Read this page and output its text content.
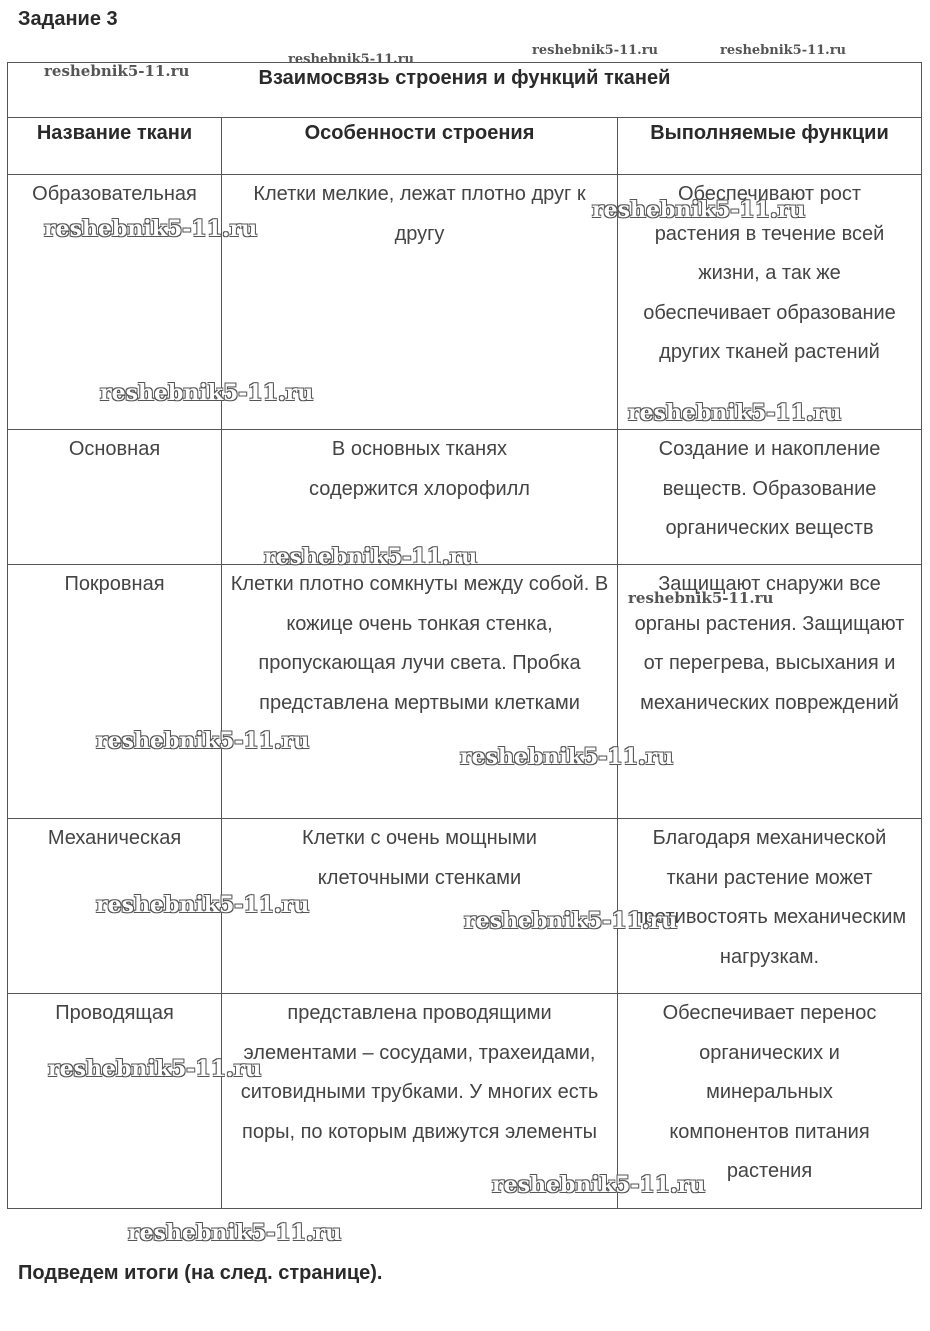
Задание 3
Взаимосвязь строения и функций тканей		
Название ткани	Особенности строения	Выполняемые функции
Образовательная	Клетки мелкие, лежат плотно друг к другу	Обеспечивают рост растения в течение всей жизни, а так же обеспечивает образование других тканей растений
Основная	В основных тканях содержится хлорофилл	Создание и накопление веществ. Образование органических веществ
Покровная	Клетки плотно сомкнуты между собой. В кожице очень тонкая стенка, пропускающая лучи света. Пробка представлена мертвыми клетками	Защищают снаружи все органы растения. Защищают от перегрева, высыхания и механических повреждений
Механическая	Клетки с очень мощными клеточными стенками	Благодаря механической ткани растение может противостоять механическим нагрузкам.
Проводящая	представлена проводящими элементами – сосудами, трахеидами, ситовидными трубками. У многих есть поры, по которым движутся элементы	Обеспечивает перенос органических и минеральных компонентов питания растения
Подведем итоги (на след. странице).
reshebnik5-11.ru
reshebnik5-11.ru
reshebnik5-11.ru	reshebnik5-11.ru
reshebnik5-11.ru
reshebnik5-11.ru
reshebnik5-11.ru
reshebnik5-11.ru
reshebnik5-11.ru
reshebnik5-11.ru
reshebnik5-11.ru
reshebnik5-11.ru
reshebnik5-11.ru
reshebnik5-11.ru
reshebnik5-11.ru
reshebnik5-11.ru
reshebnik5-11.ru
